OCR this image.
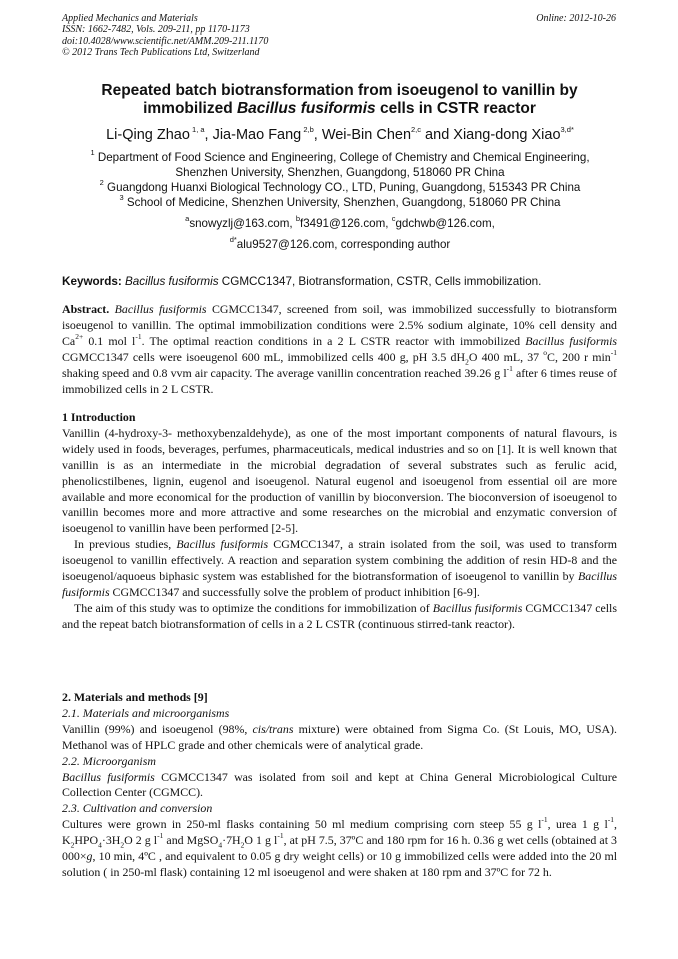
Applied Mechanics and Materials
ISSN: 1662-7482, Vols. 209-211, pp 1170-1173
doi:10.4028/www.scientific.net/AMM.209-211.1170
© 2012 Trans Tech Publications Ltd, Switzerland
Online: 2012-10-26
Repeated batch biotransformation from isoeugenol to vanillin by
immobilized Bacillus fusiformis cells in CSTR reactor
Li-Qing Zhao $^{1, a}$, Jia-Mao Fang $^{2,b}$, Wei-Bin Chen$^{2,c}$ and Xiang-dong Xiao$^{3,d*}$
$^1$ Department of Food Science and Engineering, College of Chemistry and Chemical Engineering,
Shenzhen University, Shenzhen, Guangdong, 518060 PR China
$^2$ Guangdong Huanxi Biological Technology CO., LTD, Puning, Guangdong, 515343 PR China
$^3$ School of Medicine, Shenzhen University, Shenzhen, Guangdong, 518060 PR China
$^a$snowyzlj@163.com, $^b$f3491@126.com, $^c$gdchwb@126.com,
$^{d*}$alu9527@126.com, corresponding author
Keywords: Bacillus fusiformis CGMCC1347, Biotransformation, CSTR, Cells immobilization.

Abstract. Bacillus fusiformis CGMCC1347, screened from soil, was immobilized successfully to biotransform isoeugenol to vanillin. The optimal immobilization conditions were 2.5% sodium alginate, 10% cell density and $Ca^{2+}$ 0.1 mol $l^{-1}$. The optimal reaction conditions in a 2 L CSTR reactor with immobilized Bacillus fusiformis CGMCC1347 cells were isoeugenol 600 mL, immobilized cells 400 g, pH 3.5 $dH_2O$ 400 mL, 37 $^o$C, 200 r $\min^{-1}$ shaking speed and 0.8 vvm air capacity. The average vanillin concentration reached 39.26 g $l^{-1}$ after 6 times reuse of immobilized cells in 2 L CSTR.

1 Introduction

Vanillin (4-hydroxy-3- methoxybenzaldehyde), as one of the most important components of natural flavours, is widely used in foods, beverages, perfumes, pharmaceuticals, medical industries and so on [1]. It is well known that vanillin is as an intermediate in the microbial degradation of several substrates such as ferulic acid, phenolicstilbenes, lignin, eugenol and isoeugenol. Natural eugenol and isoeugenol from essential oil are more available and more economical for the production of vanillin by bioconversion. The bioconversion of isoeugenol to vanillin becomes more and more attractive and some researches on the microbial and enzymatic conversion of isoeugenol to vanillin have been performed [2-5].

In previous studies, Bacillus fusiformis CGMCC1347, a strain isolated from the soil, was used to transform isoeugenol to vanillin effectively. A reaction and separation system combining the addition of resin HD-8 and the isoeugenol/aquoeus biphasic system was established for the biotransformation of isoeugenol to vanillin by Bacillus fusiformis CGMCC1347 and successfully solve the problem of product inhibition [6-9].

The aim of this study was to optimize the conditions for immobilization of Bacillus fusiformis CGMCC1347 cells and the repeat batch biotransformation of cells in a 2 L CSTR (continuous stirred-tank reactor).

2. Materials and methods [9]

2.1. Materials and microorganisms

Vanillin (99%) and isoeugenol (98%, cis/trans mixture) were obtained from Sigma Co. (St Louis, MO, USA). Methanol was of HPLC grade and other chemicals were of analytical grade.

2.2. Microorganism

Bacillus fusiformis CGMCC1347 was isolated from soil and kept at China General Microbiological Culture Collection Center (CGMCC).

2.3. Cultivation and conversion

Cultures were grown in 250-ml flasks containing 50 ml medium comprising corn steep 55 g $l^{-1}$, urea 1 g $l^{-1}$, $K_2HPO_4\cdot 3H_2O$ 2 g $l^{-1}$ and $MgSO_4\cdot 7H_2O$ 1 g $l^{-1}$, at pH 7.5, 37ºC and 180 rpm for 16 h. 0.36 g wet cells (obtained at 3 000×g, 10 min, 4ºC , and equivalent to 0.05 g dry weight cells) or 10 g immobilized cells were added into the 20 ml solution ( in 250-ml flask) containing 12 ml isoeugenol and were shaken at 180 rpm and 37ºC for 72 h.
